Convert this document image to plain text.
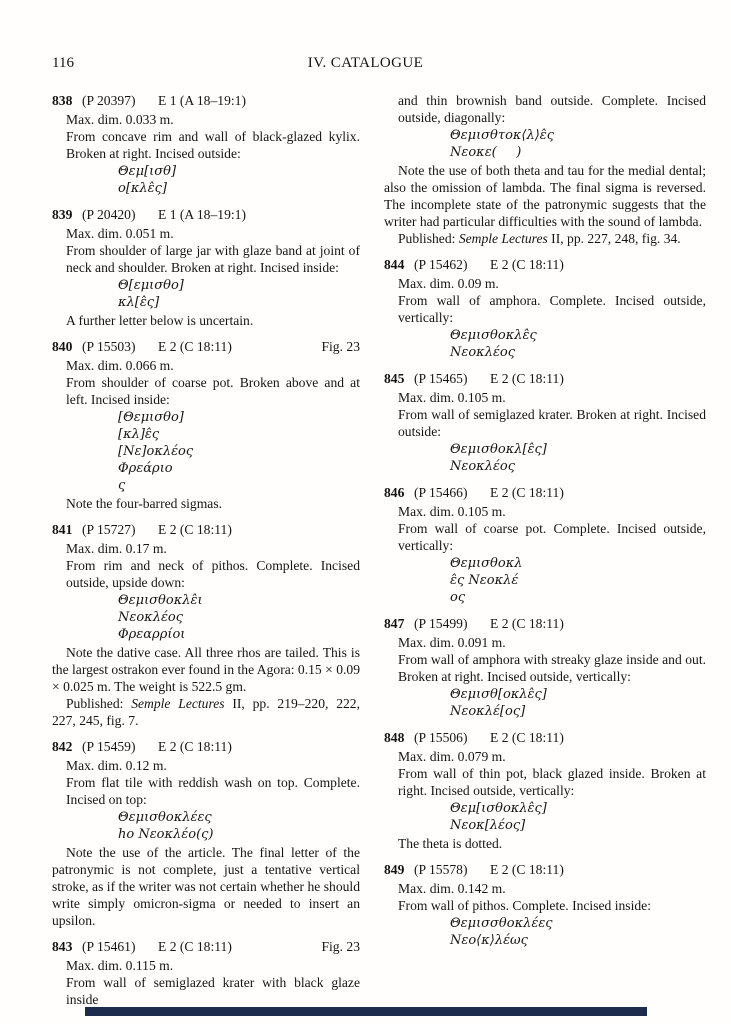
116	IV. CATALOGUE
838 (P 20397)	E 1 (A 18–19:1)

Max. dim. 0.033 m.

From concave rim and wall of black-glazed kylix. Broken at right. Incised outside:

Θεμ[ισθ]
ο[κλε̂ς]
839 (P 20420)	E 1 (A 18–19:1)

Max. dim. 0.051 m.

From shoulder of large jar with glaze band at joint of neck and shoulder. Broken at right. Incised inside:

Θ[εμισθο]
κλ[ε̂ς]

A further letter below is uncertain.

840 (P 15503)	E 2 (C 18:11)	Fig. 23

Max. dim. 0.066 m.

From shoulder of coarse pot. Broken above and at left. Incised inside:

[Θεμισθο]
[κλ]ε̂ς
[Νε]οκλέος
Φρεάριο
ς̣

Note the four-barred sigmas.

841 (P 15727)	E 2 (C 18:11)

Max. dim. 0.17 m.

From rim and neck of pithos. Complete. Incised outside, upside down:

Θεμισθοκλε̂ι
Νεοκλέος
Φρεαρρίοι

Note the dative case. All three rhos are tailed. This is the largest ostrakon ever found in the Agora: 0.15 × 0.09 × 0.025 m. The weight is 522.5 gm.

Published: Semple Lectures II, pp. 219–220, 222, 227, 245, fig. 7.

842 (P 15459)	E 2 (C 18:11)

Max. dim. 0.12 m.

From flat tile with reddish wash on top. Complete. Incised on top:

Θεμισθοκλέες
ho Νεοκλέο(ς)

Note the use of the article. The final letter of the patronymic is not complete, just a tentative vertical stroke, as if the writer was not certain whether he should write simply omicron-sigma or needed to insert an upsilon.

843 (P 15461)	E 2 (C 18:11)	Fig. 23

Max. dim. 0.115 m.

From wall of semiglazed krater with black glaze inside

and thin brownish band outside. Complete. Incised outside, diagonally:

Θεμισθτοκ⟨λ⟩ε̂ς
Νεοκε(  )

Note the use of both theta and tau for the medial dental; also the omission of lambda. The final sigma is reversed. The incomplete state of the patronymic suggests that the writer had particular difficulties with the sound of lambda.

Published: Semple Lectures II, pp. 227, 248, fig. 34.

844 (P 15462)	E 2 (C 18:11)

Max. dim. 0.09 m.

From wall of amphora. Complete. Incised outside, vertically:

Θεμισθοκλε̂ς
Νεοκλέος
845 (P 15465)	E 2 (C 18:11)

Max. dim. 0.105 m.

From wall of semiglazed krater. Broken at right. Incised outside:

Θεμισθοκλ[ε̂ς]
Νεοκλέος
846 (P 15466)	E 2 (C 18:11)

Max. dim. 0.105 m.

From wall of coarse pot. Complete. Incised outside, vertically:

Θεμισθοκλ
ε̂ς Νεοκλέ
ος
847 (P 15499)	E 2 (C 18:11)

Max. dim. 0.091 m.

From wall of amphora with streaky glaze inside and out. Broken at right. Incised outside, vertically:

Θεμισθ[οκλε̂ς]
Νεοκλέ[ος]
848 (P 15506)	E 2 (C 18:11)

Max. dim. 0.079 m.

From wall of thin pot, black glazed inside. Broken at right. Incised outside, vertically:

Θεμ[ισθοκλε̂ς]
Νεοκ[λέος]

The theta is dotted.

849 (P 15578)	E 2 (C 18:11)

Max. dim. 0.142 m.

From wall of pithos. Complete. Incised inside:

Θεμισσθοκλέες
Νεο⟨κ⟩λέως
